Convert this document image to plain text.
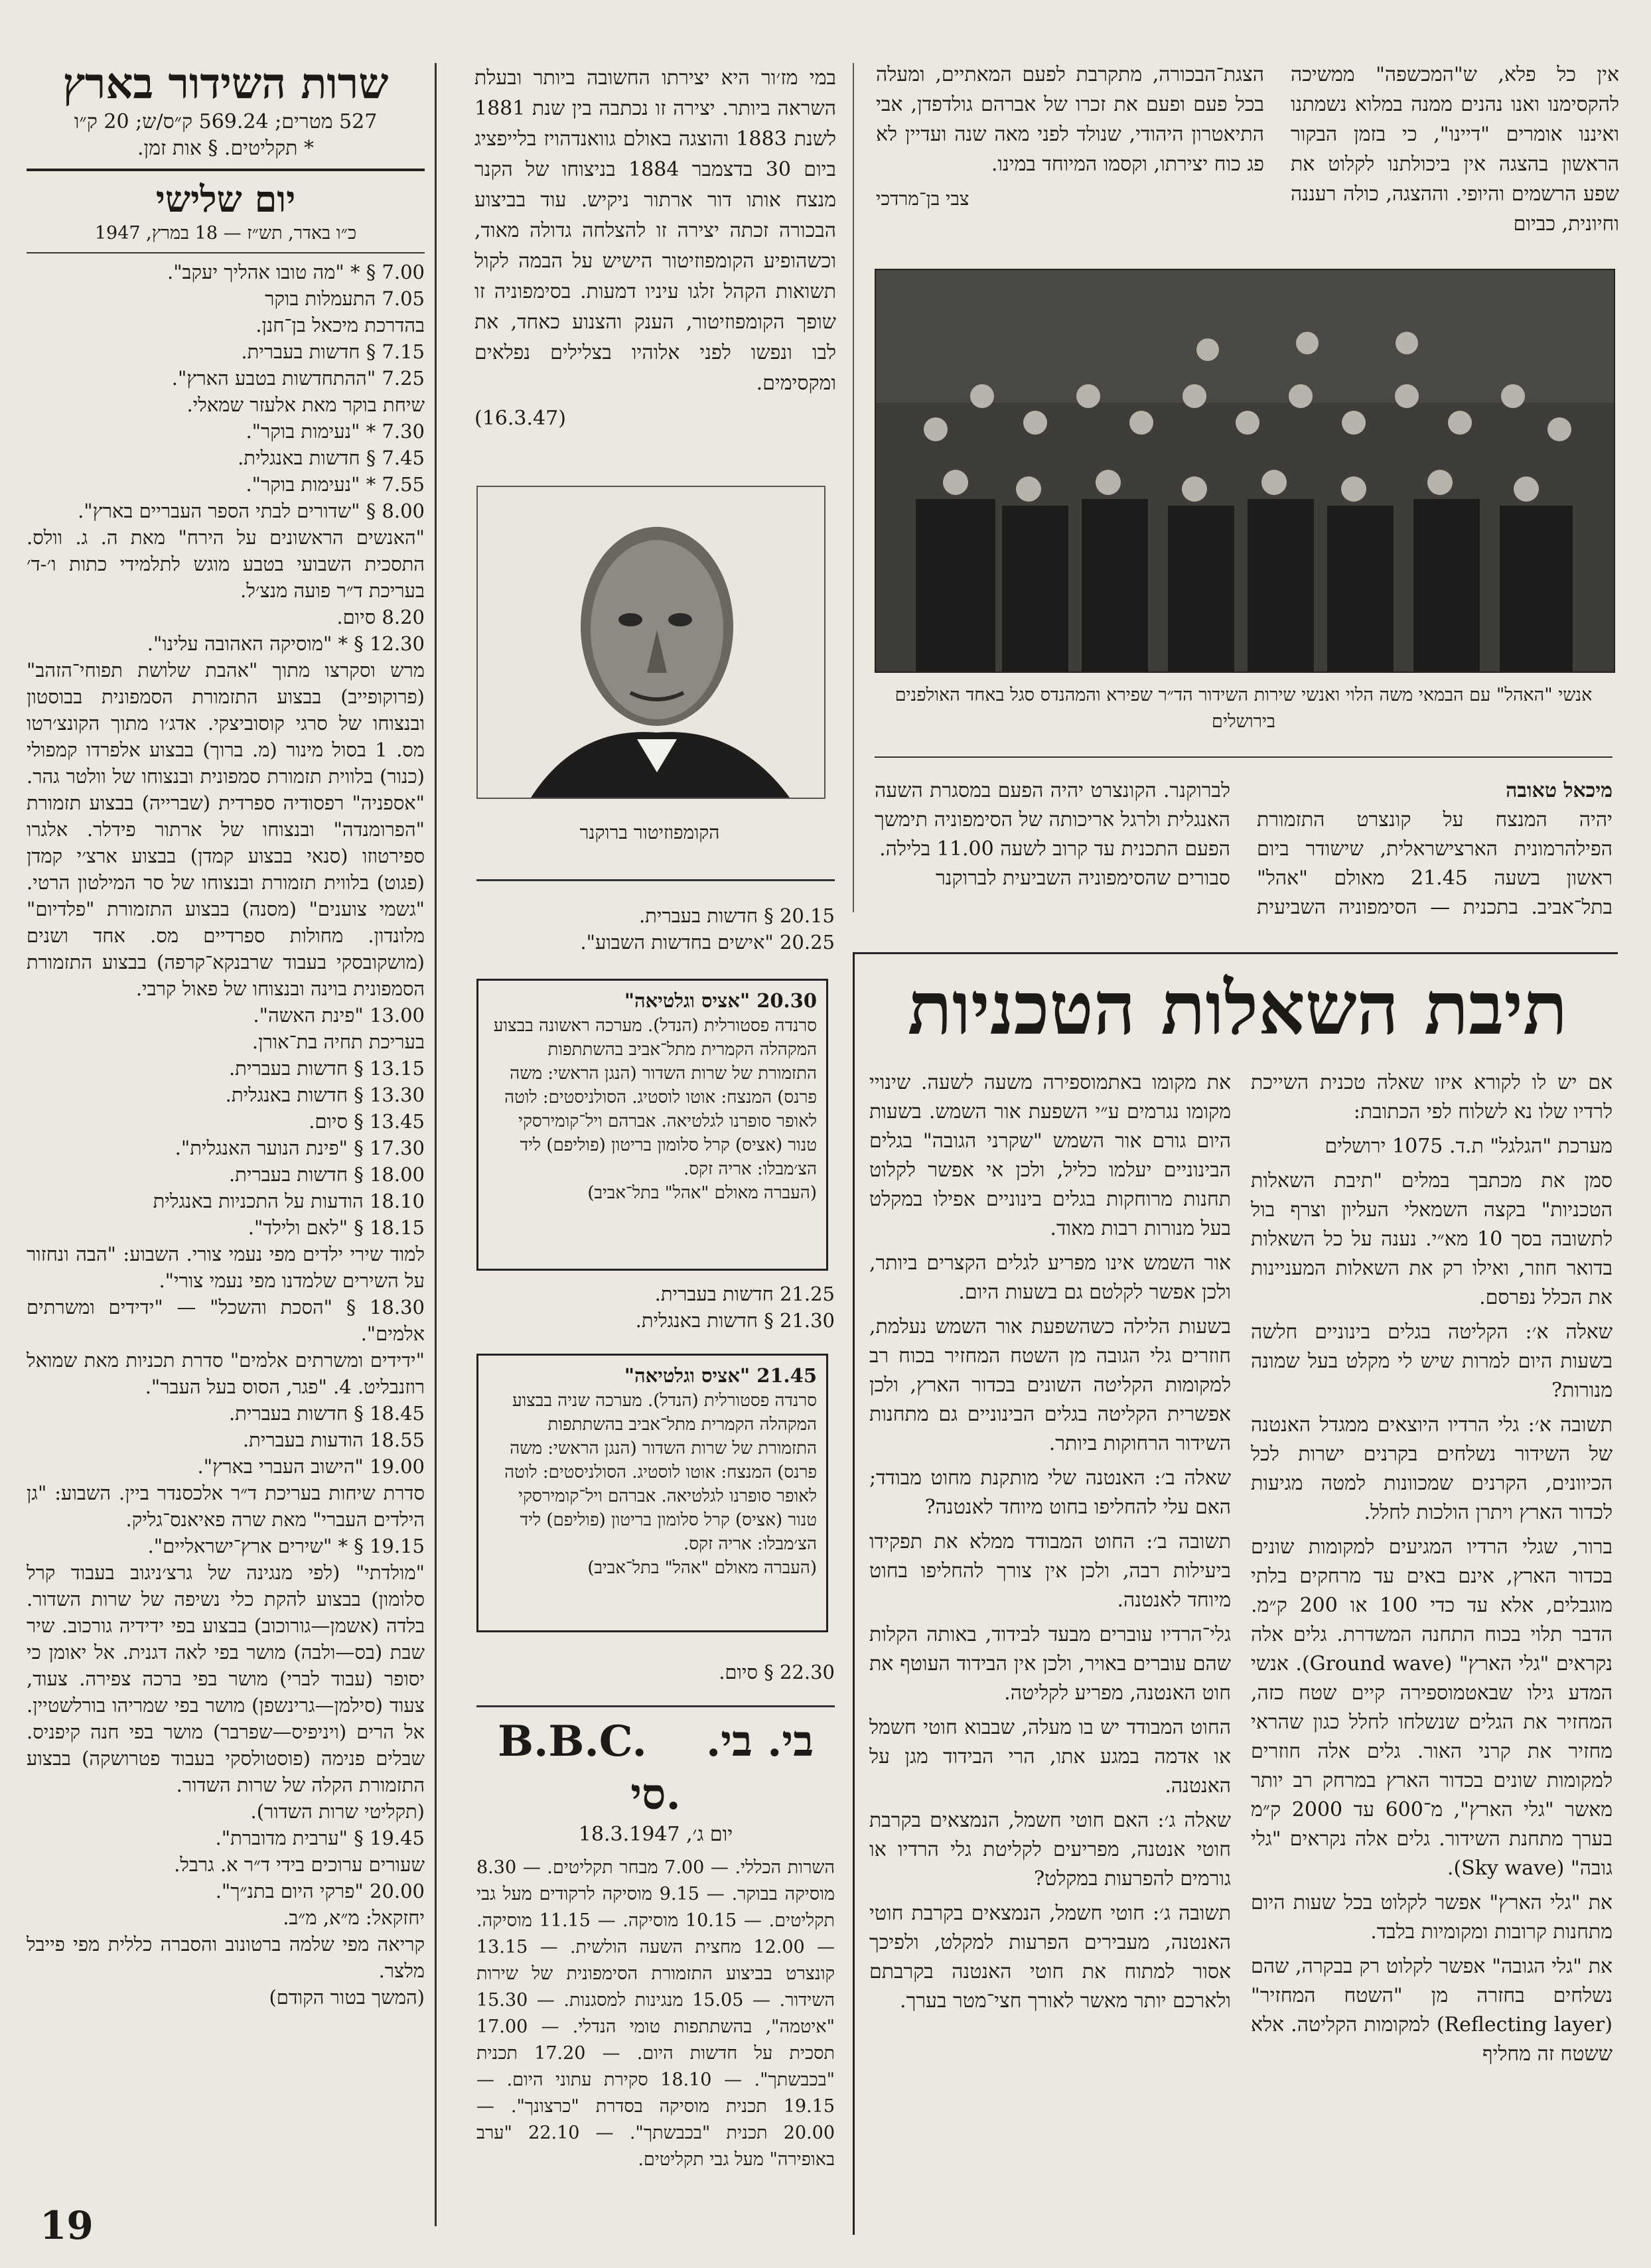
שרות השידור בארץ
527 מטרים; 569.24 ק״ס/ש; 20 ק״ו
* תקליטים. § אות זמן.
יום שלישי
כ״ו באדר, תש״ז — 18 במרץ, 1947

7.00 § * "מה טובו אהליך יעקב".

7.05 התעמלות בוקר

בהדרכת מיכאל בן־חנן.

7.15 § חדשות בעברית.

7.25 "ההתחדשות בטבע הארץ".

שיחת בוקר מאת אלעזר שמאלי.

7.30 * "נעימות בוקר".

7.45 § חדשות באנגלית.

7.55 * "נעימות בוקר".

8.00 § "שדורים לבתי הספר העבריים בארץ".

"האנשים הראשונים על הירח" מאת ה. ג. וולס. התסכית השבועי בטבע מוגש לתלמידי כתות ו׳-ד׳ בעריכת ד״ר פועה מנצ׳ל.

8.20 סיום.

12.30 § * "מוסיקה האהובה עלינו".

מרש וסקרצו מתוך "אהבת שלושת תפוחי־הזהב" (פרוקופייב) בבצוע התזמורת הסמפונית בבוסטון ובנצוחו של סרגי קוסוביצקי. אדג׳ו מתוך הקונצ׳רטו מס. 1 בסול מינור (מ. ברוך) בבצוע אלפרדו קמפולי (כנור) בלווית תזמורת סמפונית ובנצוחו של וולטר גהר. "אספניה" רפסודיה ספרדית (שברייה) בבצוע תזמורת "הפרומנדה" ובנצוחו של ארתור פידלר. אלגרו ספירטוזו (סנאי בבצוע קמדן) בבצוע ארצ׳י קמדן (פגוט) בלווית תזמורת ובנצוחו של סר המילטון הרטי. "גשמי צוענים" (מסנה) בבצוע התזמורת "פלדיום" מלונדון. מחולות ספרדיים מס. אחד ושנים (מושקובסקי בעבוד שרבנקא־קרפה) בבצוע התזמורת הסמפונית בוינה ובנצוחו של פאול קרבי.

13.00 "פינת האשה".

בעריכת תחיה בת־אורן.

13.15 § חדשות בעברית.

13.30 § חדשות באנגלית.

13.45 § סיום.

17.30 § "פינת הנוער האנגלית".

18.00 § חדשות בעברית.

18.10 הודעות על התכניות באנגלית

18.15 § "לאם ולילד".

למוד שירי ילדים מפי נעמי צורי. השבוע: "הבה ונחזור על השירים שלמדנו מפי נעמי צורי".

18.30 § "הסכת והשכל" — "ידידים ומשרתים אלמים".

"ידידים ומשרתים אלמים" סדרת תכניות מאת שמואל רוזנבליט. 4. "פגר, הסוס בעל העבר".

18.45 § חדשות בעברית.

18.55 הודעות בעברית.

19.00 "הישוב העברי בארץ".

סדרת שיחות בעריכת ד״ר אלכסנדר ביין. השבוע: "גן הילדים העברי" מאת שרה פאיאנס־גליק.

19.15 § * "שירים ארץ־ישראליים".

"מולדתי" (לפי מנגינה של גרצ׳ניגוב בעבוד קרל סלומון) בבצוע להקת כלי נשיפה של שרות השדור. בלדה (אשמן—גורוכוב) בבצוע בפי ידידיה גורכוב. שיר שבת (בס—ולבה) מושר בפי לאה דגנית. אל יאומן כי יסופר (עבוד לברי) מושר בפי ברכה צפירה. צעוד, צעוד (סילמן—גרינשפן) מושר בפי שמריהו בורלשטיין. אל הרים (ויניפיס—שפרבר) מושר בפי חנה קיפניס. שבלים פנימה (פוסטולסקי בעבוד פטרושקה) בבצוע התזמורת הקלה של שרות השדור.

(תקליטי שרות השדור).

19.45 § "ערבית מדוברת".

שעורים ערוכים בידי ד״ר א. גרבל.

20.00 "פרקי היום בתנ״ך".

יחזקאל: מ״א, מ״ב.

קריאה מפי שלמה ברטונוב והסברה כללית מפי פייבל מלצר.

(המשך בטור הקודם)

במי מז׳ור היא יצירתו החשובה ביותר ובעלת השראה ביותר. יצירה זו נכתבה בין שנת 1881 לשנת 1883 והוצגה באולם גוואנדהויז בלייפציג ביום 30 בדצמבר 1884 בניצוחו של הקנר מנצח אותו דור ארתור ניקיש. עוד בביצוע הבכורה זכתה יצירה זו להצלחה גדולה מאוד, וכשהופיע הקומפוזיטור הישיש על הבמה לקול תשואות הקהל זלגו עיניו דמעות. בסימפוניה זו שופך הקומפוזיטור, הענק והצנוע כאחד, את לבו ונפשו לפני אלוהיו בצלילים נפלאים ומקסימים.

(16.3.47)

הקומפוזיטור ברוקנר

20.15 § חדשות בעברית.

20.25 "אישים בחדשות השבוע".

20.30 "אציס וגלטיאה"

סרנדה פסטורלית (הנדל). מערכה ראשונה בבצוע המקהלה הקמרית מתל־אביב בהשתתפות התזמורת של שרות השדור (הנגן הראשי: משה פרנס) המנצח: אוטו לוסטיג. הסולניסטים: לוטה לאופר סופרנו לגלטיאה. אברהם ויל־קומירסקי טנור (אציס) קרל סלומון בריטון (פוליפם) ליד הצ׳מבלו: אריה זקס.

(העברה מאולם "אהל" בתל־אביב)

21.25 חדשות בעברית.

21.30 § חדשות באנגלית.

21.45 "אציס וגלטיאה"

סרנדה פסטורלית (הנדל). מערכה שניה בבצוע המקהלה הקמרית מתל־אביב בהשתתפות התזמורת של שרות השדור (הנגן הראשי: משה פרנס) המנצח: אוטו לוסטיג. הסולניסטים: לוטה לאופר סופרנו לגלטיאה. אברהם ויל־קומירסקי טנור (אציס) קרל סלומון בריטון (פוליפם) ליד הצ׳מבלו: אריה זקס.

(העברה מאולם "אהל" בתל־אביב)

22.30 § סיום.

B.B.C. בי. בי. סי.
יום ג׳, 18.3.1947

השרות הכללי. — 7.00 מבחר תקליטים. — 8.30 מוסיקה בבוקר. — 9.15 מוסיקה לרקודים מעל גבי תקליטים. — 10.15 מוסיקה. — 11.15 מוסיקה. — 12.00 מחצית השעה הולשית. — 13.15 קונצרט בביצוע התזמורת הסימפונית של שירות השידור. — 15.05 מנגינות למסגנות. — 15.30 "איטמה", בהשתתפות טומי הנדלי. — 17.00 תסכית על חדשות היום. — 17.20 תכנית "בכבשתך". — 18.10 סקירת עתוני היום. — 19.15 תכנית מוסיקה בסדרת "כרצונך". — 20.00 תכנית "בכבשתך". — 22.10 "ערב באופירה" מעל גבי תקליטים.

אין כל פלא, ש"המכשפה" ממשיכה להקסימנו ואנו נהנים ממנה במלוא נשמתנו ואיננו אומרים "דיינו", כי בזמן הבקור הראשון בהצגה אין ביכולתנו לקלוט את שפע הרשמים והיופי. וההצגה, כולה רעננה וחיונית, כביום

הצגת־הבכורה, מתקרבת לפעם המאתיים, ומעלה בכל פעם ופעם את זכרו של אברהם גולדפדן, אבי התיאטרון היהודי, שנולד לפני מאה שנה ועדיין לא פג כוח יצירתו, וקסמו המיוחד במינו.

צבי בן־מרדכי

אנשי "האהל" עם הבמאי משה הלוי ואנשי שירות השידור הד״ר שפירא והמהנדס סגל באחד האולפנים בירושלים

מיכאל טאובה

יהיה המנצח על קונצרט התזמורת הפילהרמונית הארצישראלית, שישודר ביום ראשון בשעה 21.45 מאולם "אהל" בתל־אביב. בתכנית — הסימפוניה השביעית לברוקנר. הקונצרט יהיה הפעם במסגרת השעה האנגלית ולרגל אריכותה של הסימפוניה תימשך הפעם התכנית עד קרוב לשעה 11.00 בלילה.

סבורים שהסימפוניה השביעית לברוקנר

תיבת השאלות הטכניות

אם יש לו לקורא איזו שאלה טכנית השייכת לרדיו שלו נא לשלוח לפי הכתובת:

מערכת "הגלגל" ת.ד. 1075 ירושלים

סמן את מכתבך במלים "תיבת השאלות הטכניות" בקצה השמאלי העליון וצרף בול לתשובה בסך 10 מא״י. נענה על כל השאלות בדואר חוזר, ואילו רק את השאלות המעניינות את הכלל נפרסם.

שאלה א׳: הקליטה בגלים בינוניים חלשה בשעות היום למרות שיש לי מקלט בעל שמונה מנורות?

תשובה א׳: גלי הרדיו היוצאים ממגדל האנטנה של השידור נשלחים בקרנים ישרות לכל הכיוונים, הקרנים שמכוונות למטה מגיעות לכדור הארץ ויתרן הולכות לחלל.

ברור, שגלי הרדיו המגיעים למקומות שונים בכדור הארץ, אינם באים עד מרחקים בלתי מוגבלים, אלא עד כדי 100 או 200 ק״מ. הדבר תלוי בכוח התחנה המשדרת. גלים אלה נקראים "גלי הארץ" (Ground wave). אנשי המדע גילו שבאטמוספירה קיים שטח כזה, המחזיר את הגלים שנשלחו לחלל כגון שהראי מחזיר את קרני האור. גלים אלה חוזרים למקומות שונים בכדור הארץ במרחק רב יותר מאשר "גלי הארץ", מ־600 עד 2000 ק״מ בערך מתחנת השידור. גלים אלה נקראים "גלי גובה" (Sky wave).

את "גלי הארץ" אפשר לקלוט בכל שעות היום מתחנות קרובות ומקומיות בלבד.

את "גלי הגובה" אפשר לקלוט רק בבקרה, שהם נשלחים בחזרה מן "השטח המחזיר" (Reflecting layer) למקומות הקליטה. אלא ששטח זה מחליף

את מקומו באתמוספירה משעה לשעה. שינויי מקומו נגרמים ע״י השפעת אור השמש. בשעות היום גורם אור השמש "שקרני הגובה" בגלים הבינוניים יעלמו כליל, ולכן אי אפשר לקלוט תחנות מרוחקות בגלים בינוניים אפילו במקלט בעל מנורות רבות מאוד.

אור השמש אינו מפריע לגלים הקצרים ביותר, ולכן אפשר לקלטם גם בשעות היום.

בשעות הלילה כשהשפעת אור השמש נעלמת, חוזרים גלי הגובה מן השטח המחזיר בכוח רב למקומות הקליטה השונים בכדור הארץ, ולכן אפשרית הקליטה בגלים הבינוניים גם מתחנות השידור הרחוקות ביותר.

שאלה ב׳: האנטנה שלי מותקנת מחוט מבודד; האם עלי להחליפו בחוט מיוחד לאנטנה?

תשובה ב׳: החוט המבודד ממלא את תפקידו ביעילות רבה, ולכן אין צורך להחליפו בחוט מיוחד לאנטנה.

גלי־הרדיו עוברים מבעד לבידוד, באותה הקלות שהם עוברים באויר, ולכן אין הבידוד העוטף את חוט האנטנה, מפריע לקליטה.

החוט המבודד יש בו מעלה, שבבוא חוטי חשמל או אדמה במגע אתו, הרי הבידוד מגן על האנטנה.

שאלה ג׳: האם חוטי חשמל, הנמצאים בקרבת חוטי אנטנה, מפריעים לקליטת גלי הרדיו או גורמים להפרעות במקלט?

תשובה ג׳: חוטי חשמל, הנמצאים בקרבת חוטי האנטנה, מעבירים הפרעות למקלט, ולפיכך אסור למתוח את חוטי האנטנה בקרבתם ולארכם יותר מאשר לאורך חצי־מטר בערך.

19
